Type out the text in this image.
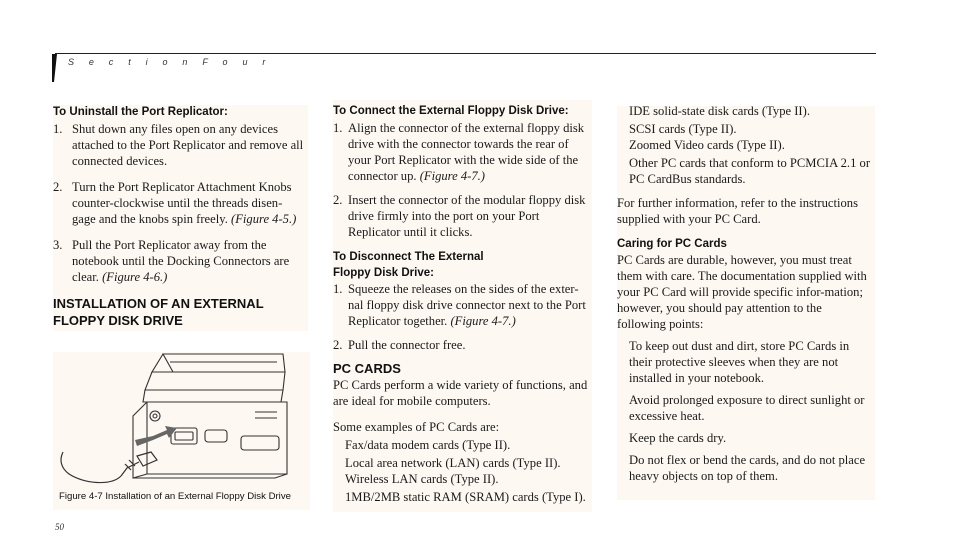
S e c t i o n F o u r
To Uninstall the Port Replicator:
1. Shut down any files open on any devices attached to the Port Replicator and remove all connected devices.
2. Turn the Port Replicator Attachment Knobs counter-clockwise until the threads disen-gage and the knobs spin freely. (Figure 4-5.)
3. Pull the Port Replicator away from the notebook until the Docking Connectors are clear. (Figure 4-6.)
INSTALLATION OF AN EXTERNAL
FLOPPY DISK DRIVE
Figure 4-7 Installation of an External Floppy Disk Drive
To Connect the External Floppy Disk Drive:
1. Align the connector of the external floppy disk drive with the connector towards the rear of your Port Replicator with the wide side of the connector up. (Figure 4-7.)
2. Insert the connector of the modular floppy disk drive firmly into the port on your Port Replicator until it clicks.
To Disconnect The External
Floppy Disk Drive:
1. Squeeze the releases on the sides of the exter-nal floppy disk drive connector next to the Port Replicator together. (Figure 4-7.)
2. Pull the connector free.
PC CARDS
PC Cards perform a wide variety of functions, and are ideal for mobile computers.
Some examples of PC Cards are:
Fax/data modem cards (Type II).
Local area network (LAN) cards (Type II).
Wireless LAN cards (Type II).
1MB/2MB static RAM (SRAM) cards (Type I).
IDE solid-state disk cards (Type II).
SCSI cards (Type II).
Zoomed Video cards (Type II).
Other PC cards that conform to PCMCIA 2.1 or PC CardBus standards.
For further information, refer to the instructions supplied with your PC Card.
Caring for PC Cards
PC Cards are durable, however, you must treat them with care. The documentation supplied with your PC Card will provide specific infor-mation; however, you should pay attention to the following points:
To keep out dust and dirt, store PC Cards in their protective sleeves when they are not installed in your notebook.
Avoid prolonged exposure to direct sunlight or excessive heat.
Keep the cards dry.
Do not flex or bend the cards, and do not place heavy objects on top of them.
50
